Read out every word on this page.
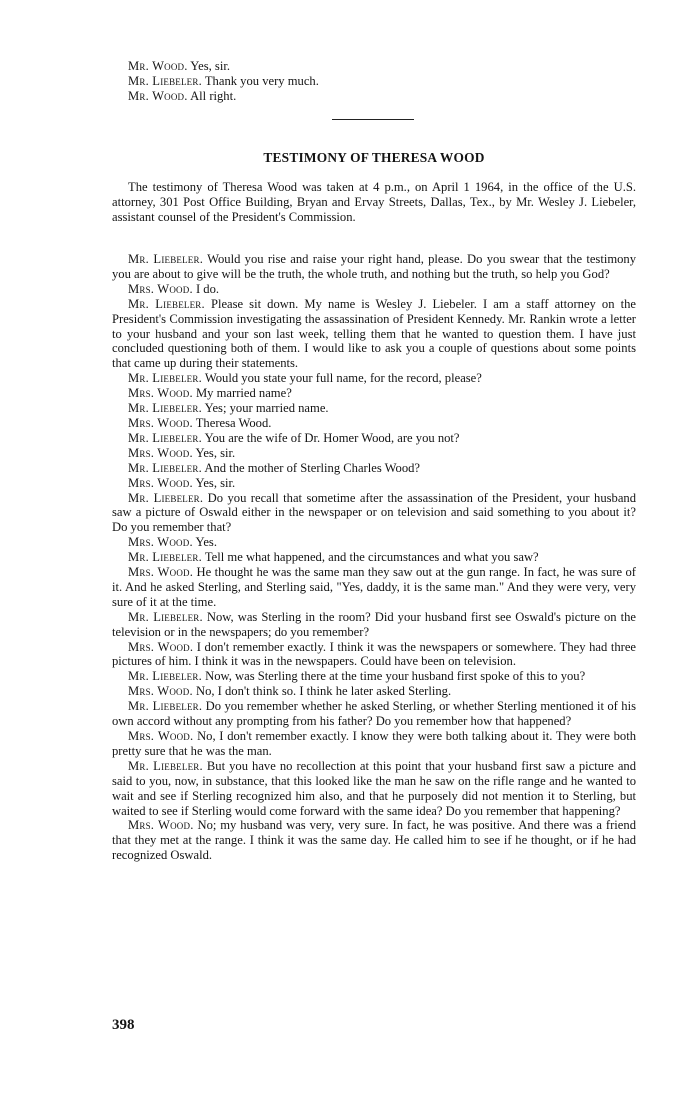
Mr. Wood. Yes, sir.
Mr. Liebeler. Thank you very much.
Mr. Wood. All right.
TESTIMONY OF THERESA WOOD
The testimony of Theresa Wood was taken at 4 p.m., on April 1 1964, in the office of the U.S. attorney, 301 Post Office Building, Bryan and Ervay Streets, Dallas, Tex., by Mr. Wesley J. Liebeler, assistant counsel of the President's Commission.
Mr. Liebeler. Would you rise and raise your right hand, please. Do you swear that the testimony you are about to give will be the truth, the whole truth, and nothing but the truth, so help you God?
Mrs. Wood. I do.
Mr. Liebeler. Please sit down. My name is Wesley J. Liebeler. I am a staff attorney on the President's Commission investigating the assassination of President Kennedy. Mr. Rankin wrote a letter to your husband and your son last week, telling them that he wanted to question them. I have just concluded questioning both of them. I would like to ask you a couple of questions about some points that came up during their statements.
Mr. Liebeler. Would you state your full name, for the record, please?
Mrs. Wood. My married name?
Mr. Liebeler. Yes; your married name.
Mrs. Wood. Theresa Wood.
Mr. Liebeler. You are the wife of Dr. Homer Wood, are you not?
Mrs. Wood. Yes, sir.
Mr. Liebeler. And the mother of Sterling Charles Wood?
Mrs. Wood. Yes, sir.
Mr. Liebeler. Do you recall that sometime after the assassination of the President, your husband saw a picture of Oswald either in the newspaper or on television and said something to you about it? Do you remember that?
Mrs. Wood. Yes.
Mr. Liebeler. Tell me what happened, and the circumstances and what you saw?
Mrs. Wood. He thought he was the same man they saw out at the gun range. In fact, he was sure of it. And he asked Sterling, and Sterling said, "Yes, daddy, it is the same man." And they were very, very sure of it at the time.
Mr. Liebeler. Now, was Sterling in the room? Did your husband first see Oswald's picture on the television or in the newspapers; do you remember?
Mrs. Wood. I don't remember exactly. I think it was the newspapers or somewhere. They had three pictures of him. I think it was in the newspapers. Could have been on television.
Mr. Liebeler. Now, was Sterling there at the time your husband first spoke of this to you?
Mrs. Wood. No, I don't think so. I think he later asked Sterling.
Mr. Liebeler. Do you remember whether he asked Sterling, or whether Sterling mentioned it of his own accord without any prompting from his father? Do you remember how that happened?
Mrs. Wood. No, I don't remember exactly. I know they were both talking about it. They were both pretty sure that he was the man.
Mr. Liebeler. But you have no recollection at this point that your husband first saw a picture and said to you, now, in substance, that this looked like the man he saw on the rifle range and he wanted to wait and see if Sterling recognized him also, and that he purposely did not mention it to Sterling, but waited to see if Sterling would come forward with the same idea? Do you remember that happening?
Mrs. Wood. No; my husband was very, very sure. In fact, he was positive. And there was a friend that they met at the range. I think it was the same day. He called him to see if he thought, or if he had recognized Oswald.
398
